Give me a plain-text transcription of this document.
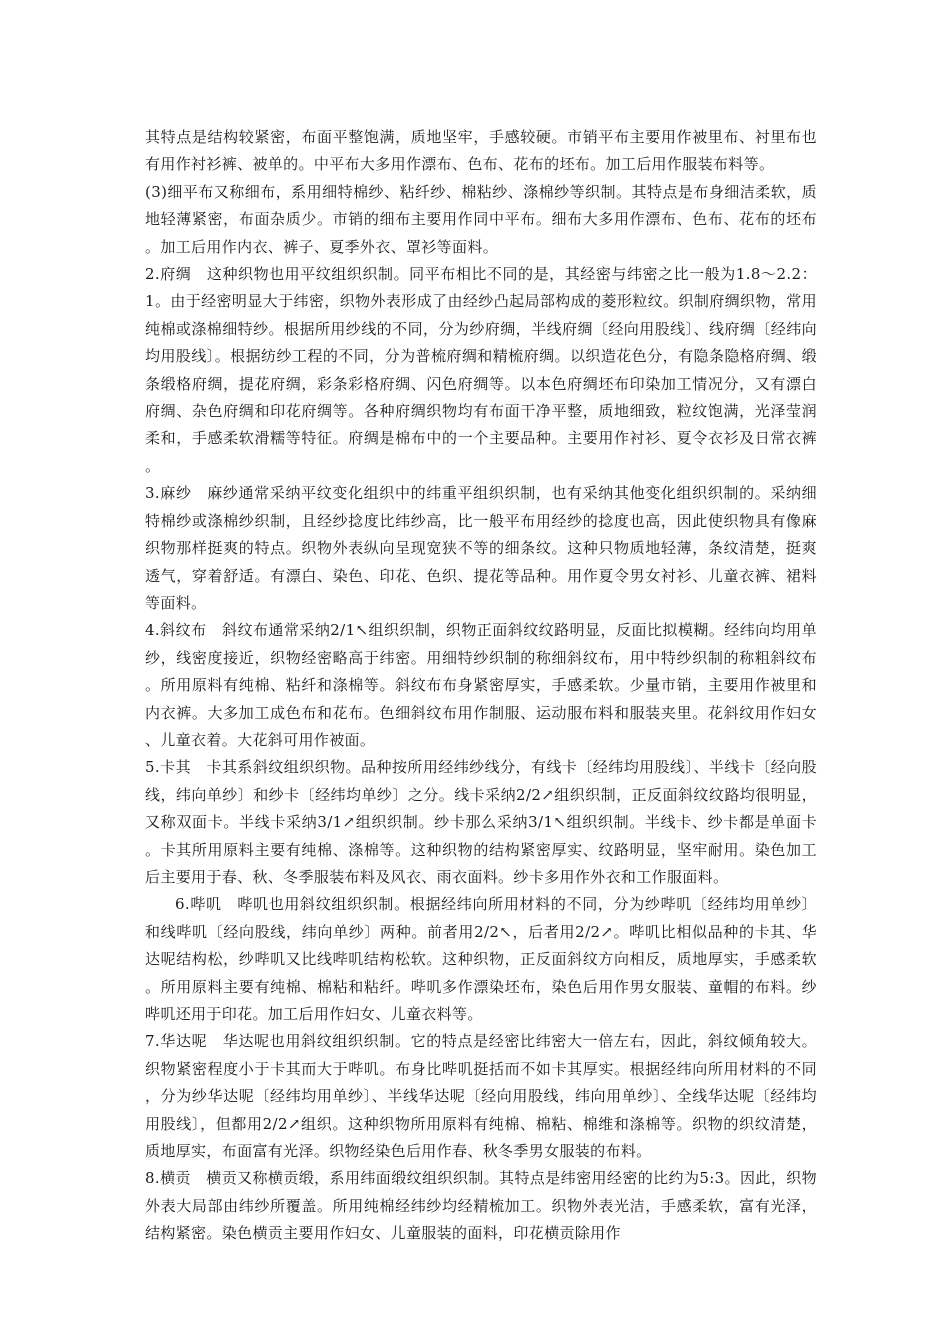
其特点是结构较紧密，布面平整饱满，质地坚牢，手感较硬。市销平布主要用作被里布、衬里布也有用作衬衫裤、被单的。中平布大多用作漂布、色布、花布的坯布。加工后用作服装布料等。

(3)细平布又称细布，系用细特棉纱、粘纤纱、棉粘纱、涤棉纱等织制。其特点是布身细洁柔软，质地轻薄紧密，布面杂质少。市销的细布主要用作同中平布。细布大多用作漂布、色布、花布的坯布。加工后用作内衣、裤子、夏季外衣、罩衫等面料。

2.府绸　这种织物也用平纹组织织制。同平布相比不同的是，其经密与纬密之比一般为1.8～2.2：1。由于经密明显大于纬密，织物外表形成了由经纱凸起局部构成的菱形粒纹。织制府绸织物，常用纯棉或涤棉细特纱。根据所用纱线的不同，分为纱府绸，半线府绸〔经向用股线〕、线府绸〔经纬向均用股线〕。根据纺纱工程的不同，分为普梳府绸和精梳府绸。以织造花色分，有隐条隐格府绸、缎条缎格府绸，提花府绸，彩条彩格府绸、闪色府绸等。以本色府绸坯布印染加工情况分，又有漂白府绸、杂色府绸和印花府绸等。各种府绸织物均有布面干净平整，质地细致，粒纹饱满，光泽莹润柔和，手感柔软滑糯等特征。府绸是棉布中的一个主要品种。主要用作衬衫、夏令衣衫及日常衣裤。

3.麻纱　麻纱通常采纳平纹变化组织中的纬重平组织织制，也有采纳其他变化组织织制的。采纳细特棉纱或涤棉纱织制，且经纱捻度比纬纱高，比一般平布用经纱的捻度也高，因此使织物具有像麻织物那样挺爽的特点。织物外表纵向呈现宽狭不等的细条纹。这种只物质地轻薄，条纹清楚，挺爽透气，穿着舒适。有漂白、染色、印花、色织、提花等品种。用作夏令男女衬衫、儿童衣裤、裙料等面料。

4.斜纹布　斜纹布通常采纳2/1↖组织织制，织物正面斜纹纹路明显，反面比拟模糊。经纬向均用单纱，线密度接近，织物经密略高于纬密。用细特纱织制的称细斜纹布，用中特纱织制的称粗斜纹布。所用原料有纯棉、粘纤和涤棉等。斜纹布布身紧密厚实，手感柔软。少量市销，主要用作被里和内衣裤。大多加工成色布和花布。色细斜纹布用作制服、运动服布料和服装夹里。花斜纹用作妇女、儿童衣着。大花斜可用作被面。

5.卡其　卡其系斜纹组织织物。品种按所用经纬纱线分，有线卡〔经纬均用股线〕、半线卡〔经向股线，纬向单纱〕和纱卡〔经纬均单纱〕之分。线卡采纳2/2↗组织织制，正反面斜纹纹路均很明显，又称双面卡。半线卡采纳3/1↗组织织制。纱卡那么采纳3/1↖组织织制。半线卡、纱卡都是单面卡。卡其所用原料主要有纯棉、涤棉等。这种织物的结构紧密厚实、纹路明显，坚牢耐用。染色加工后主要用于春、秋、冬季服装布料及风衣、雨衣面料。纱卡多用作外衣和工作服面料。

6.哔叽　哔叽也用斜纹组织织制。根据经纬向所用材料的不同，分为纱哔叽〔经纬均用单纱〕和线哔叽〔经向股线，纬向单纱〕两种。前者用2/2↖，后者用2/2↗。哔叽比相似品种的卡其、华达呢结构松，纱哔叽又比线哔叽结构松软。这种织物，正反面斜纹方向相反，质地厚实，手感柔软。所用原料主要有纯棉、棉粘和粘纤。哔叽多作漂染坯布，染色后用作男女服装、童帽的布料。纱哔叽还用于印花。加工后用作妇女、儿童衣料等。

7.华达呢　华达呢也用斜纹组织织制。它的特点是经密比纬密大一倍左右，因此，斜纹倾角较大。织物紧密程度小于卡其而大于哔叽。布身比哔叽挺括而不如卡其厚实。根据经纬向所用材料的不同，分为纱华达呢〔经纬均用单纱〕、半线华达呢〔经向用股线，纬向用单纱〕、全线华达呢〔经纬均用股线〕，但都用2/2↗组织。这种织物所用原料有纯棉、棉粘、棉维和涤棉等。织物的织纹清楚，质地厚实，布面富有光泽。织物经染色后用作春、秋冬季男女服装的布料。

8.横贡　横贡又称横贡缎，系用纬面缎纹组织织制。其特点是纬密用经密的比约为5:3。因此，织物外表大局部由纬纱所覆盖。所用纯棉经纬纱均经精梳加工。织物外表光洁，手感柔软，富有光泽，结构紧密。染色横贡主要用作妇女、儿童服装的面料，印花横贡除用作
